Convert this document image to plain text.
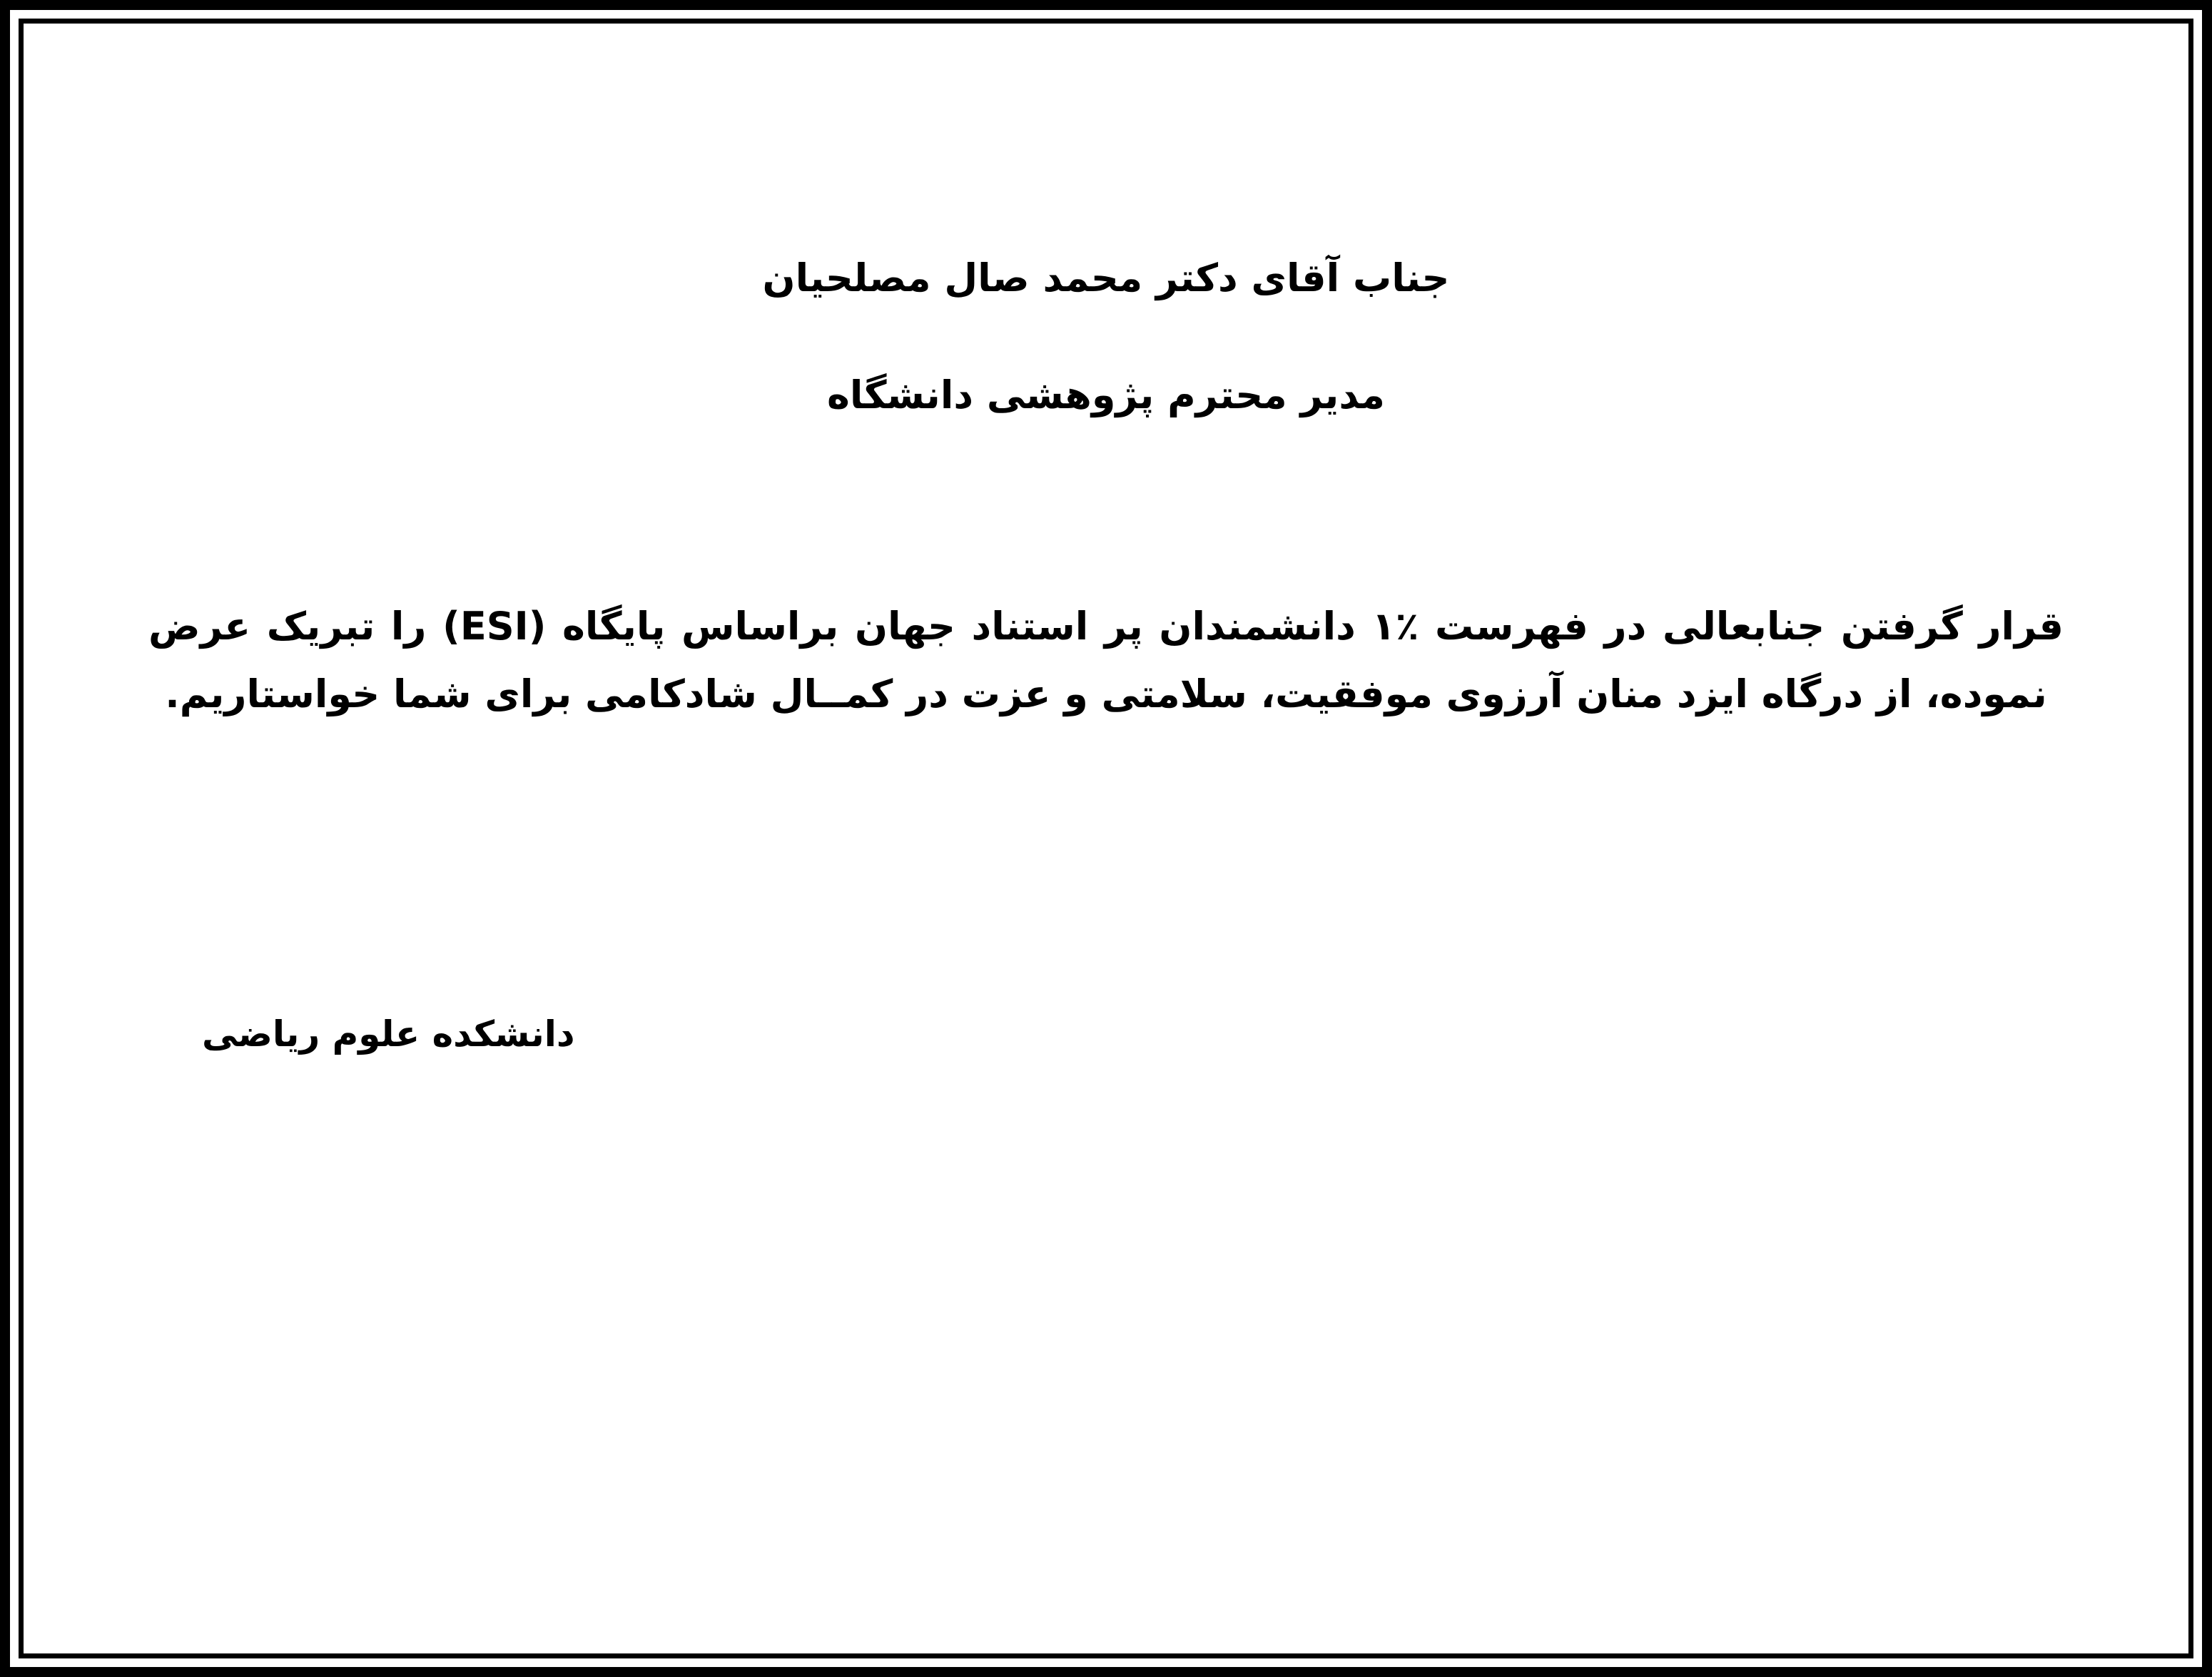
جناب آقای دکتر محمد صال مصلحیان

مدیر محترم پژوهشی دانشگاه

قرار گرفتن جنابعالی در فهرست ٪۱ دانشمندان پر استناد جهان براساس پایگاه (ESI) را تبریک عرض نموده، از درگاه ایزد منان آرزوی موفقیت، سلامتی و عزت در کمــال شادکامی برای شما خواستاریم.

دانشکده علوم ریاضی
